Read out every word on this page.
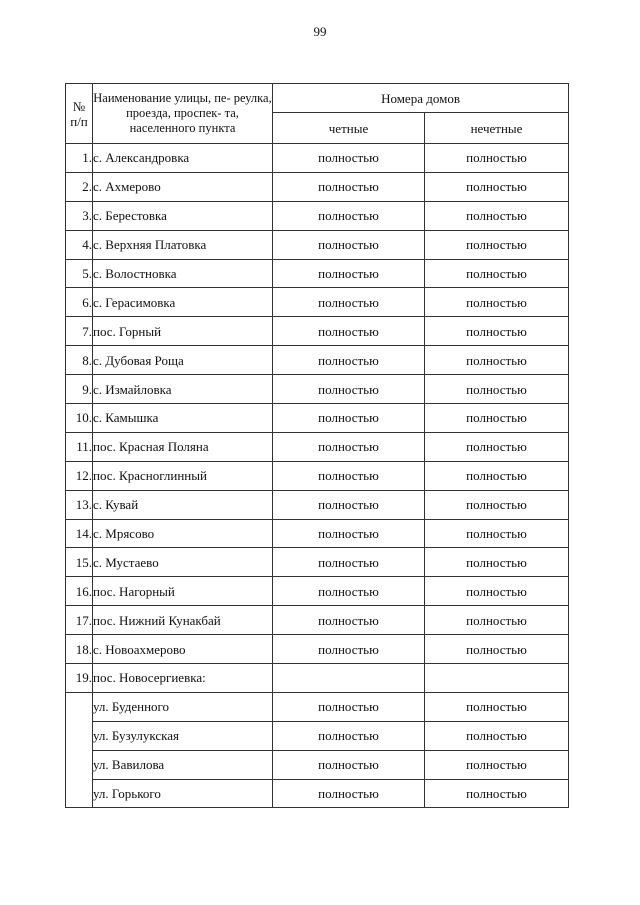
99
№ п/п	Наименование улицы, пе- реулка, проезда, проспек- та, населенного пункта	Номера домов	
		четные	нечетные
1.	с. Александровка	полностью	полностью
2.	с. Ахмерово	полностью	полностью
3.	с. Берестовка	полностью	полностью
4.	с. Верхняя Платовка	полностью	полностью
5.	с. Волостновка	полностью	полностью
6.	с. Герасимовка	полностью	полностью
7.	пос. Горный	полностью	полностью
8.	с. Дубовая Роща	полностью	полностью
9.	с. Измайловка	полностью	полностью
10.	с. Камышка	полностью	полностью
11.	пос. Красная Поляна	полностью	полностью
12.	пос. Красноглинный	полностью	полностью
13.	с. Кувай	полностью	полностью
14.	с. Мрясово	полностью	полностью
15.	с. Мустаево	полностью	полностью
16.	пос. Нагорный	полностью	полностью
17.	пос. Нижний Кунакбай	полностью	полностью
18.	с. Новоахмерово	полностью	полностью
19.	пос. Новосергиевка:		
	ул. Буденного	полностью	полностью
	ул. Бузулукская	полностью	полностью
	ул. Вавилова	полностью	полностью
	ул. Горького	полностью	полностью
